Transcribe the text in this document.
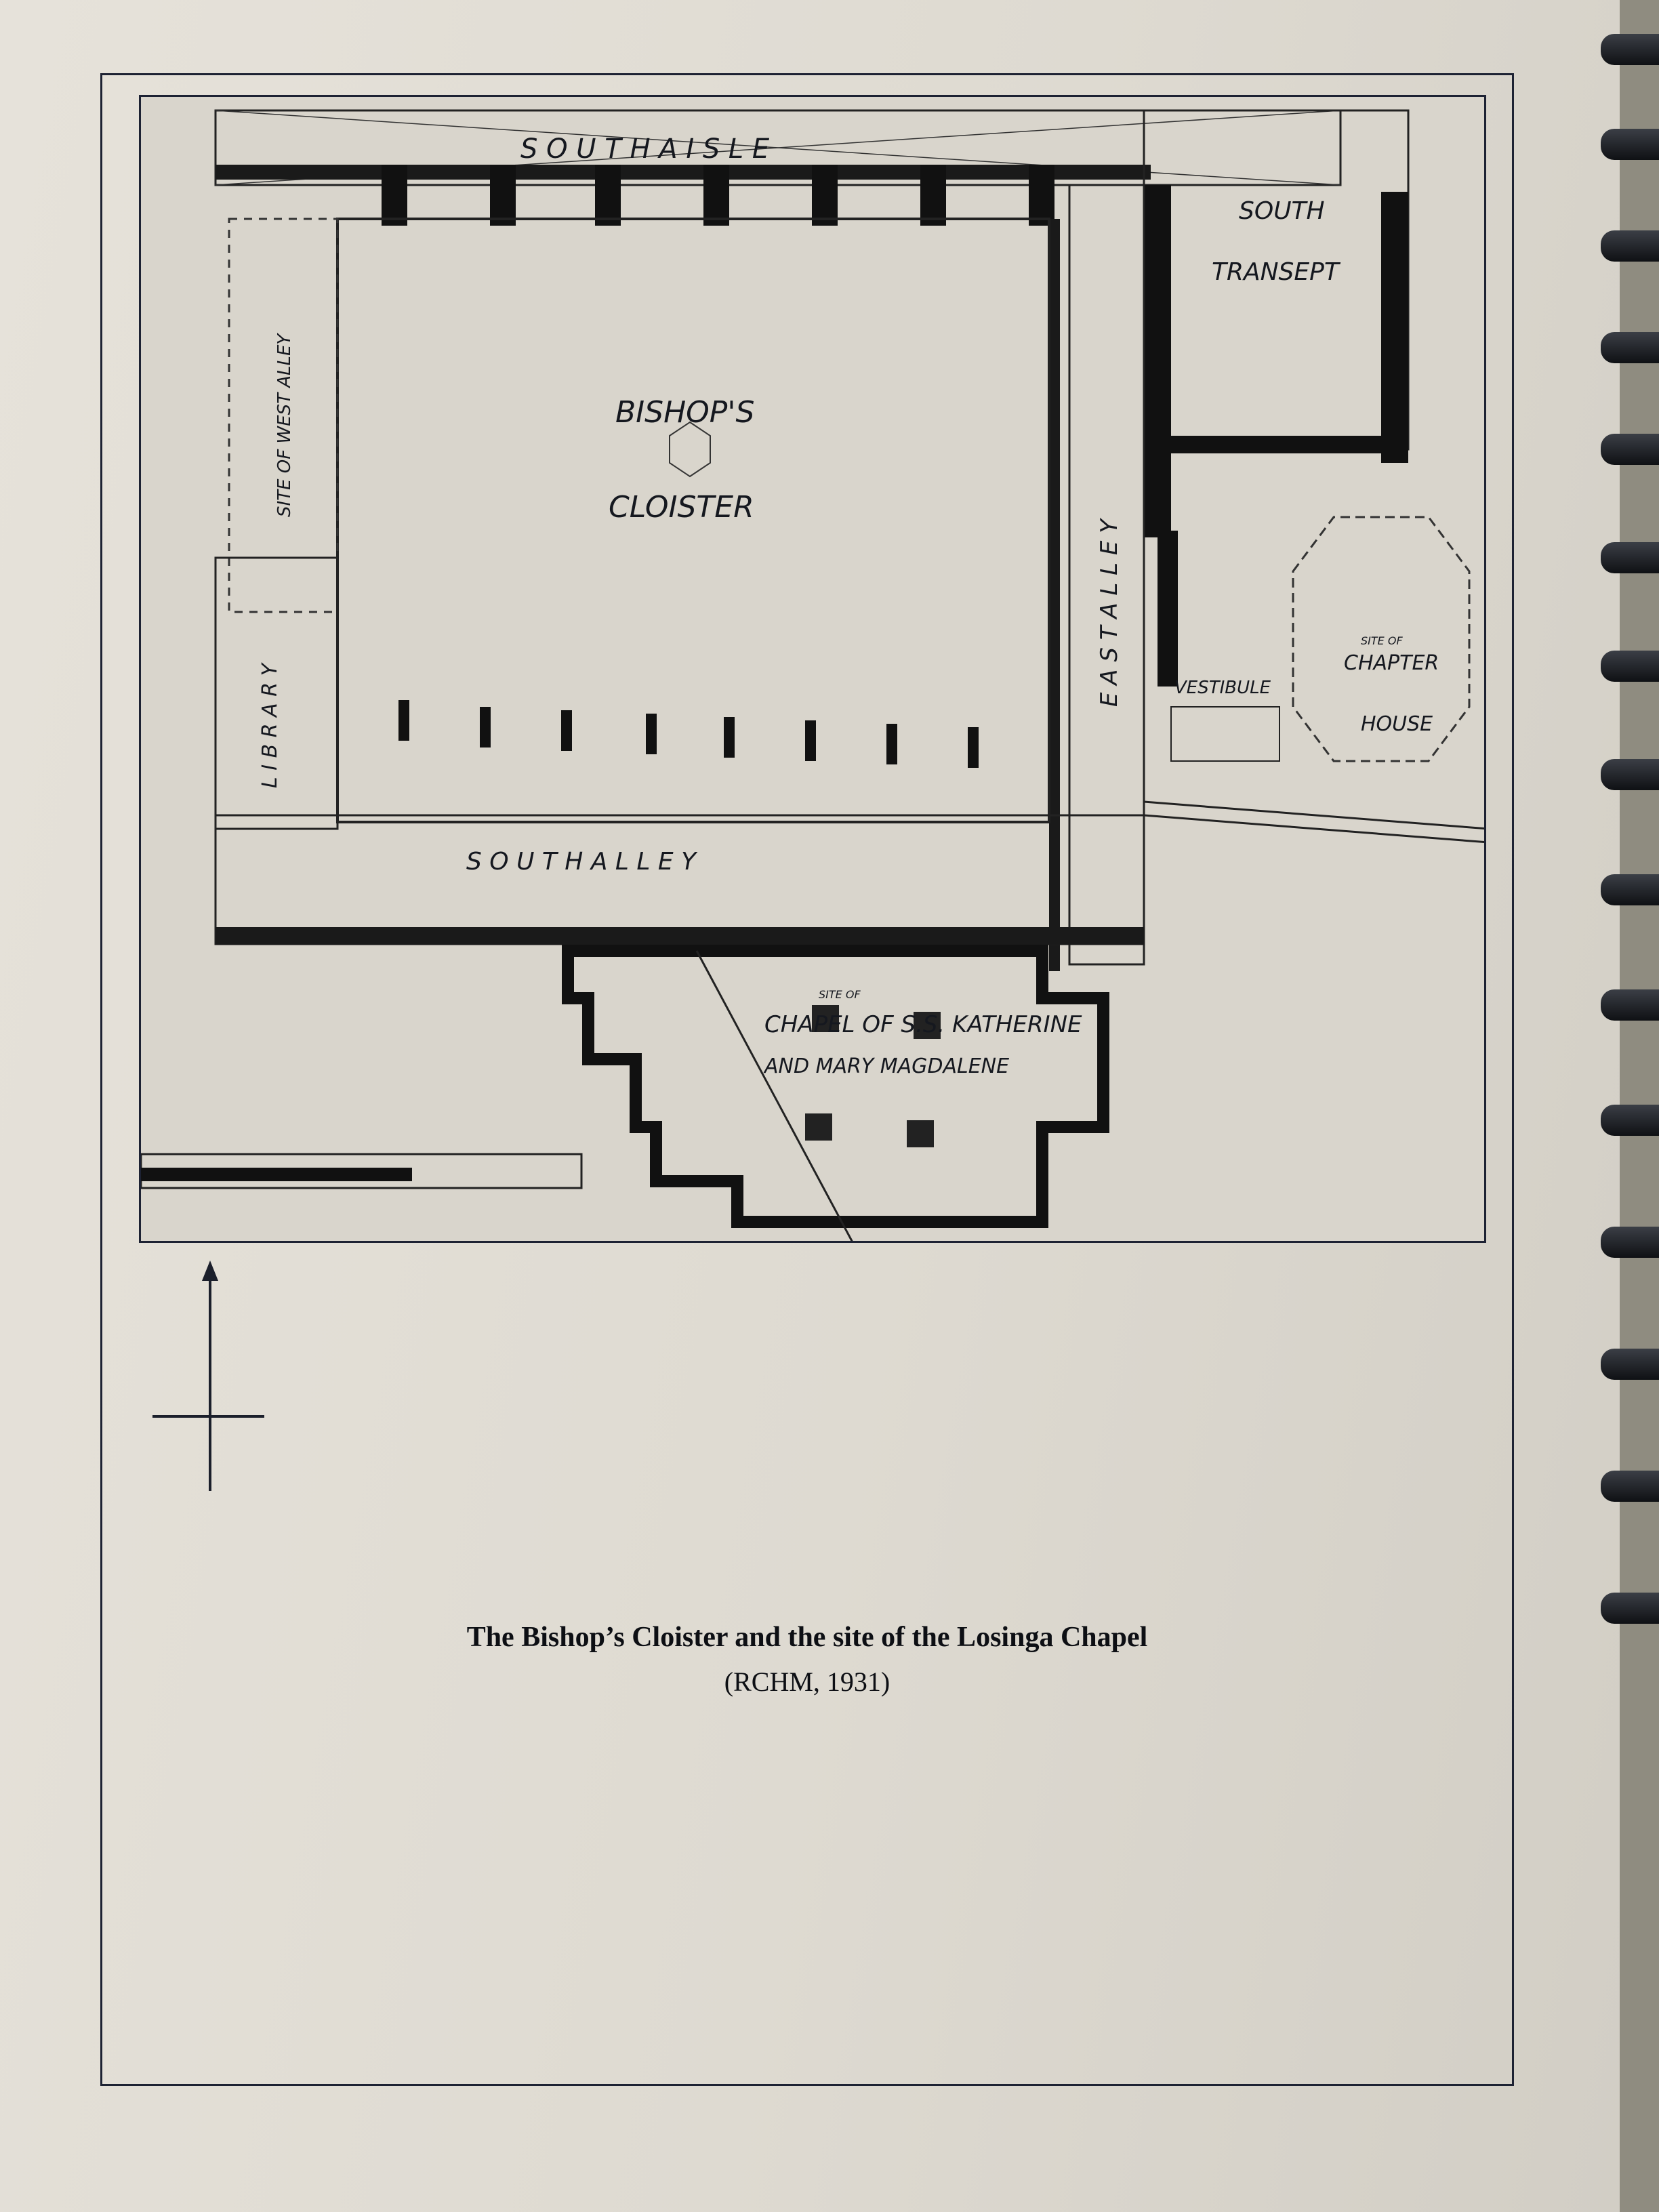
S O U T H A I S L E
SOUTH
TRANSEPT
SITE OF WEST ALLEY	BISHOP'S
CLOISTER
E A S T A L L E Y
L I B R A R Y	VESTIBULE
SITE OF
CHAPTER
HOUSE
S O U T H A L L E Y
SITE OF
CHAPEL OF S.S. KATHERINE
AND MARY MAGDALENE
The Bishop’s Cloister and the site of the Losinga Chapel
(RCHM, 1931)
